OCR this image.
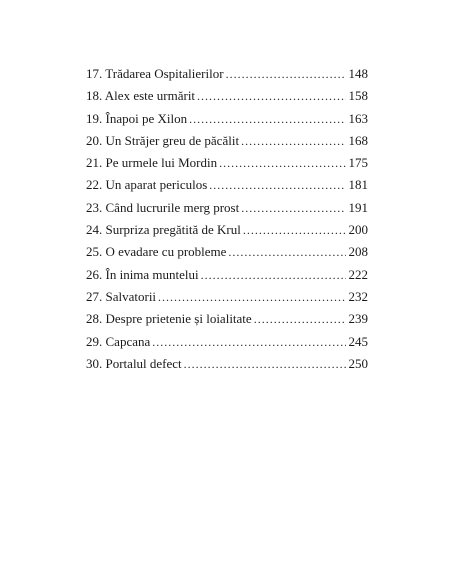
17. Trădarea Ospitalierilor . . .	148
18. Alex este urmărit . . .	158
19. Înapoi pe Xilon . . .	163
20. Un Străjer greu de păcălit . . .	168
21. Pe urmele lui Mordin . . .	175
22. Un aparat periculos . . .	181
23. Când lucrurile merg prost . . .	191
24. Surpriza pregătită de Krul . . .	200
25. O evadare cu probleme . . .	208
26. În inima muntelui . . .	222
27. Salvatorii . . .	232
28. Despre prietenie și loialitate . . .	239
29. Capcana . . .	245
30. Portalul defect . . .	250
